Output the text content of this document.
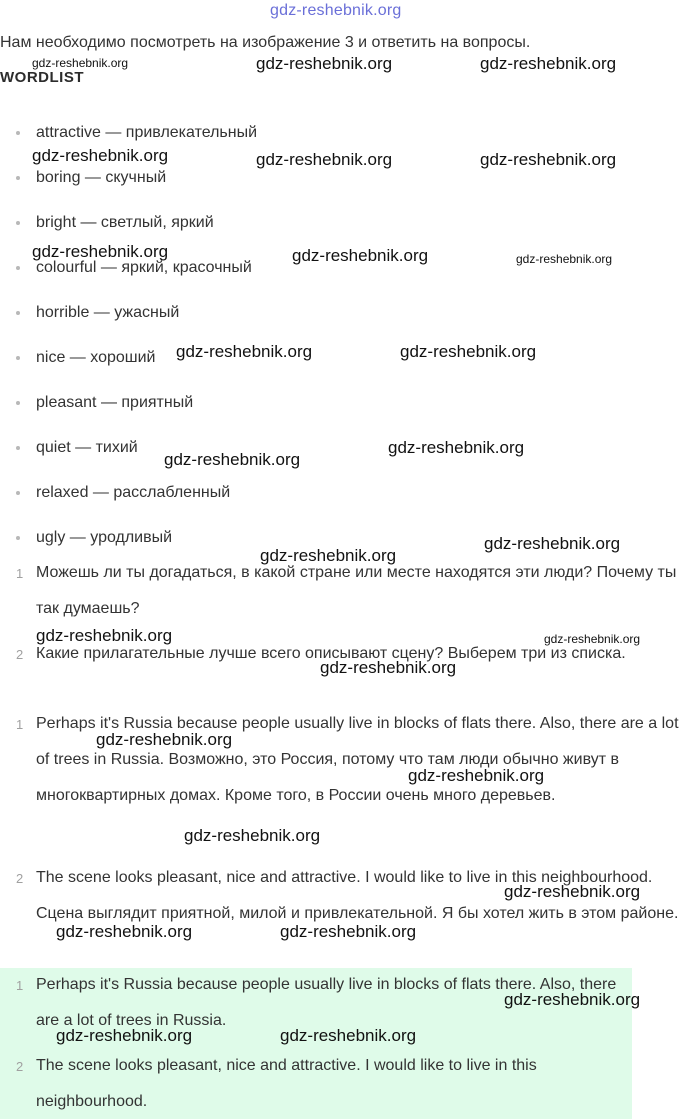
gdz-reshebnik.org
Нам необходимо посмотреть на изображение 3 и ответить на вопросы.
WORDLIST
attractive — привлекательный
boring — скучный
bright — светлый, яркий
colourful — яркий, красочный
horrible — ужасный
nice — хороший
pleasant — приятный
quiet — тихий
relaxed — расслабленный
ugly — уродливый
1 Можешь ли ты догадаться, в какой стране или месте находятся эти люди? Почему ты так думаешь?
2 Какие прилагательные лучше всего описывают сцену? Выберем три из списка.
1 Perhaps it's Russia because people usually live in blocks of flats there. Also, there are a lot of trees in Russia. Возможно, это Россия, потому что там люди обычно живут в многоквартирных домах. Кроме того, в России очень много деревьев.
2 The scene looks pleasant, nice and attractive. I would like to live in this neighbourhood. Сцена выглядит приятной, милой и привлекательной. Я бы хотел жить в этом районе.
1 Perhaps it's Russia because people usually live in blocks of flats there. Also, there are a lot of trees in Russia.
2 The scene looks pleasant, nice and attractive. I would like to live in this neighbourhood.
gdz-reshebnik.org	gdz-reshebnik.org	gdz-reshebnik.org
gdz-reshebnik.org	gdz-reshebnik.org	gdz-reshebnik.org
gdz-reshebnik.org	gdz-reshebnik.org	gdz-reshebnik.org
gdz-reshebnik.org	gdz-reshebnik.org
gdz-reshebnik.org
gdz-reshebnik.org
gdz-reshebnik.org
gdz-reshebnik.org
gdz-reshebnik.org	gdz-reshebnik.org
gdz-reshebnik.org
gdz-reshebnik.org
gdz-reshebnik.org
gdz-reshebnik.org
gdz-reshebnik.org
gdz-reshebnik.org	gdz-reshebnik.org
gdz-reshebnik.org
gdz-reshebnik.org	gdz-reshebnik.org
